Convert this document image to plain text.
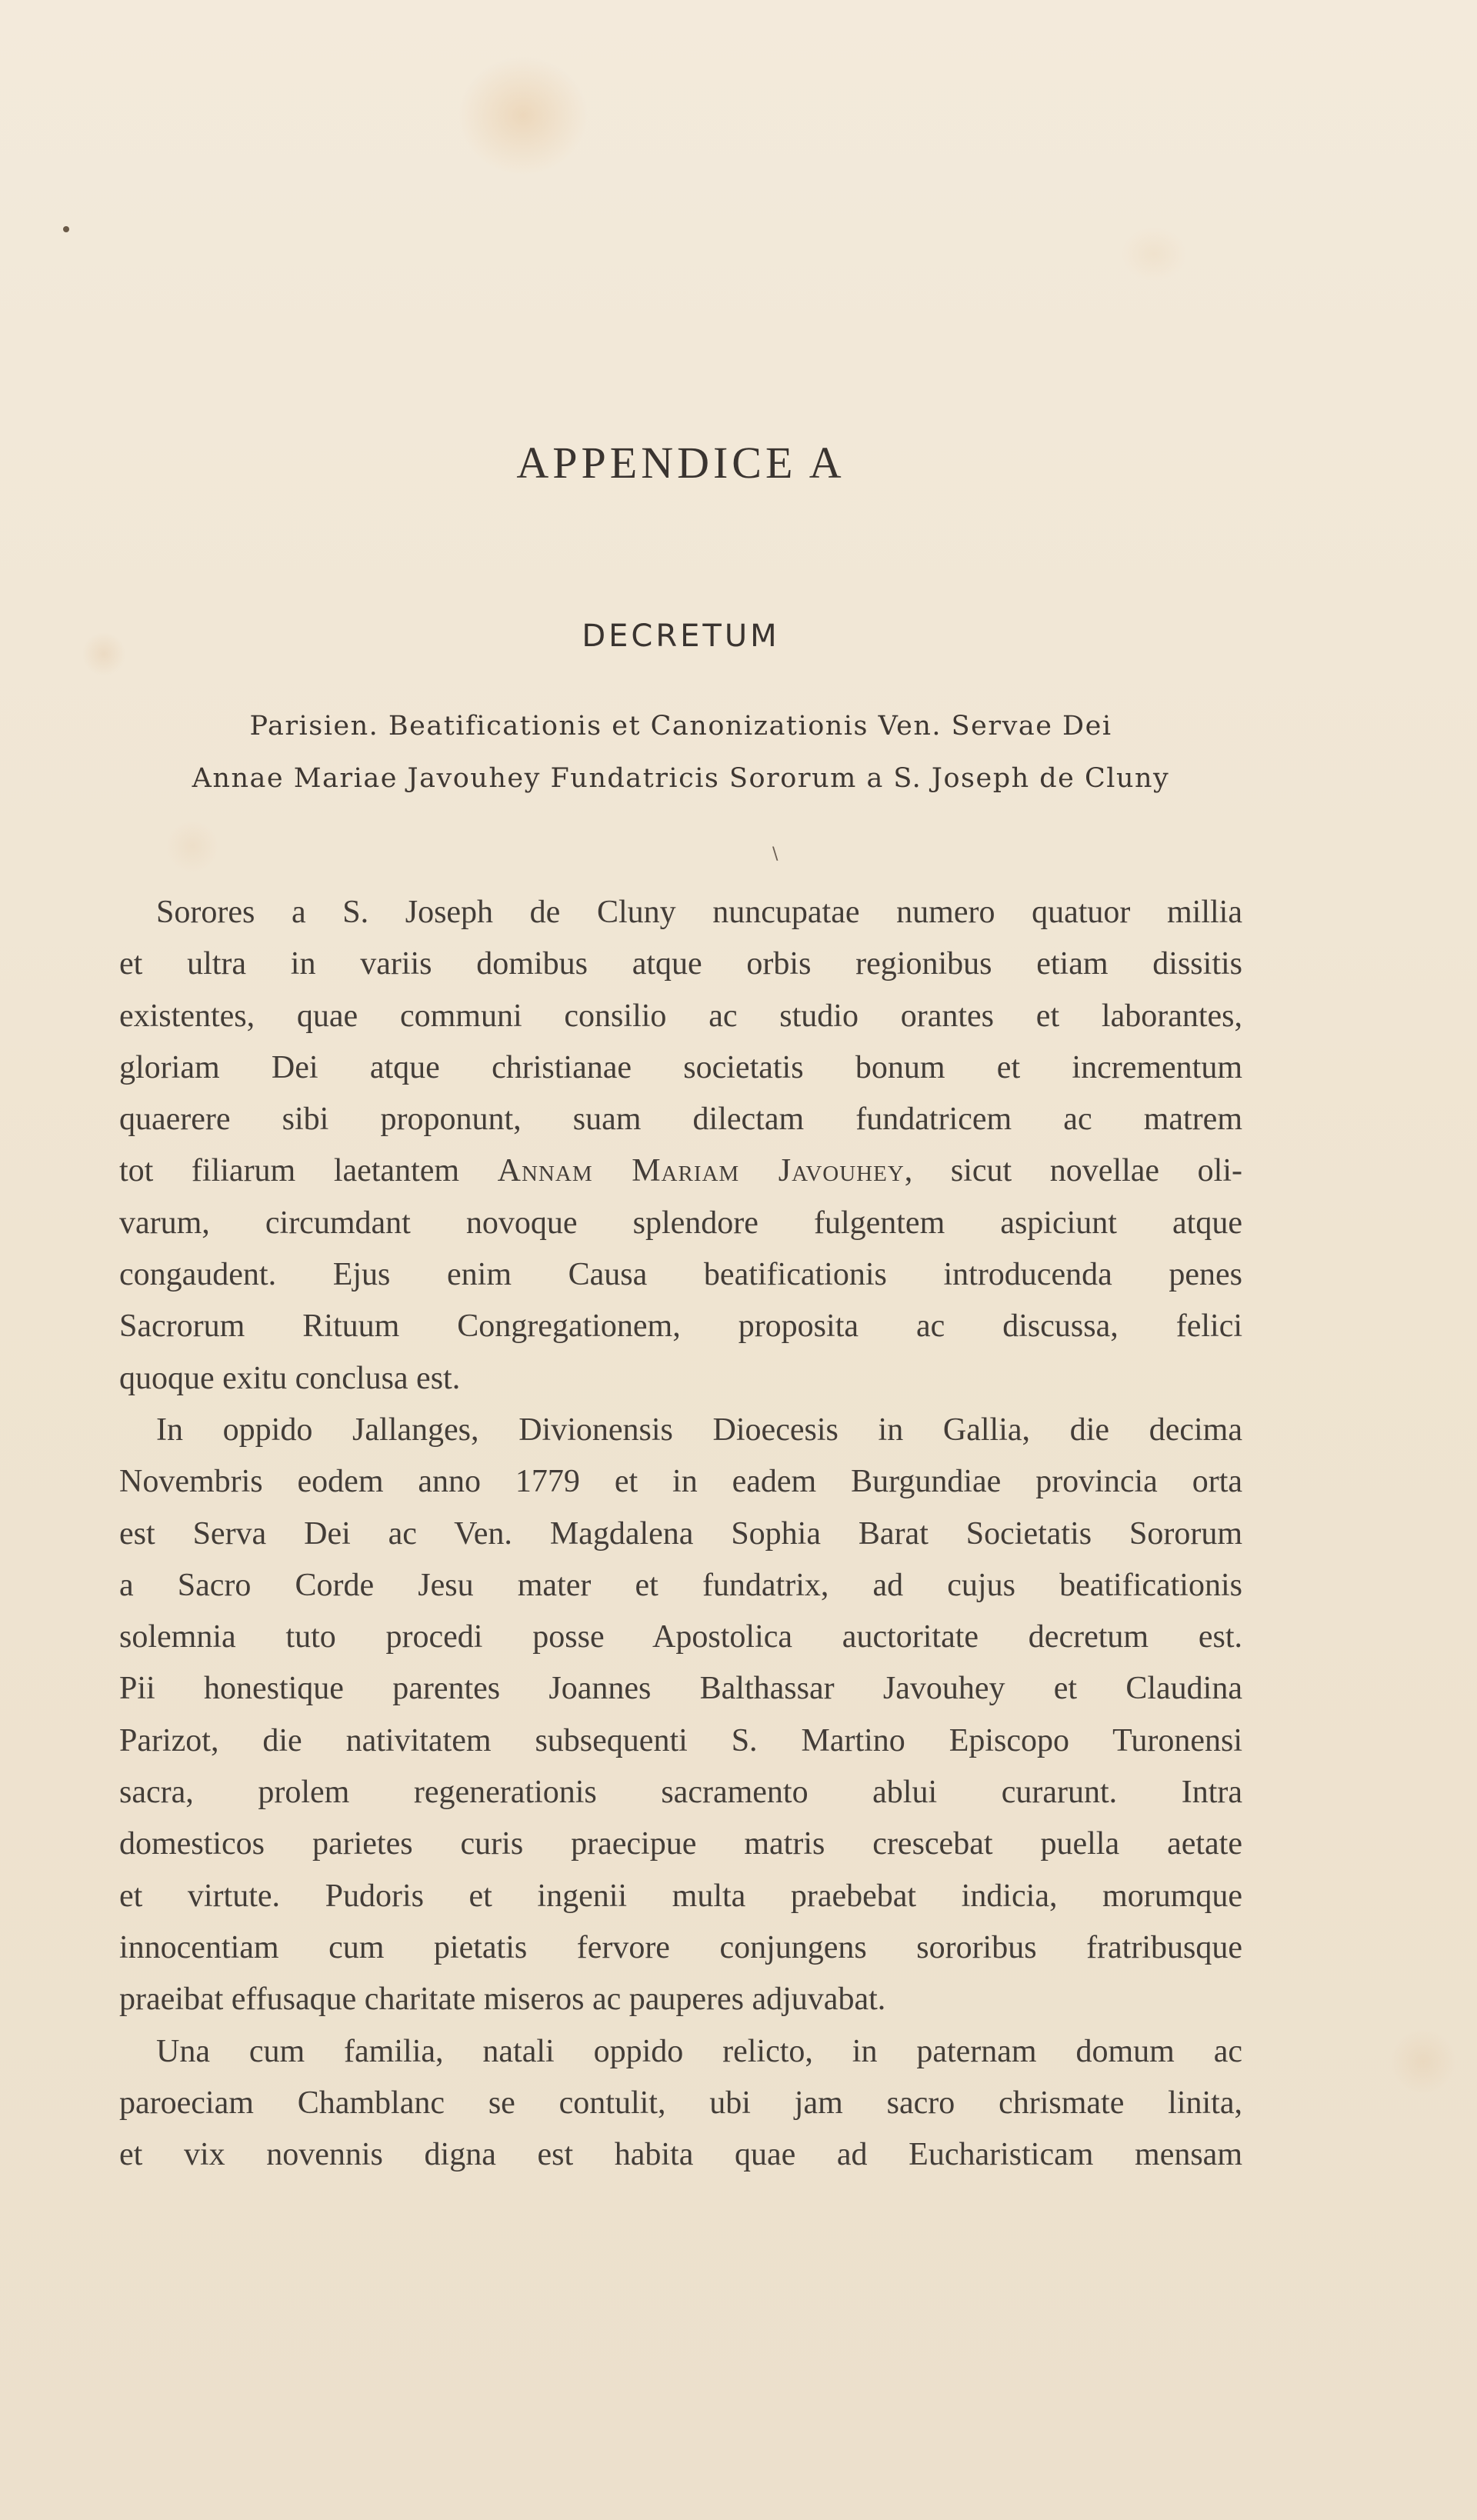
APPENDICE A
DECRETUM
Parisien. Beatificationis et Canonizationis Ven. Servae Dei
Annae Mariae Javouhey Fundatricis Sororum a S. Joseph de Cluny
\
Sorores a S. Joseph de Cluny nuncupatae numero quatuor millia
et ultra in variis domibus atque orbis regionibus etiam dissitis
existentes, quae communi consilio ac studio orantes et laborantes,
gloriam Dei atque christianae societatis bonum et incrementum
quaerere sibi proponunt, suam dilectam fundatricem ac matrem
tot filiarum laetantem Annam Mariam Javouhey, sicut novellae oli-
varum, circumdant novoque splendore fulgentem aspiciunt atque
congaudent. Ejus enim Causa beatificationis introducenda penes
Sacrorum Rituum Congregationem, proposita ac discussa, felici
quoque exitu conclusa est.
In oppido Jallanges, Divionensis Dioecesis in Gallia, die decima
Novembris eodem anno 1779 et in eadem Burgundiae provincia orta
est Serva Dei ac Ven. Magdalena Sophia Barat Societatis Sororum
a Sacro Corde Jesu mater et fundatrix, ad cujus beatificationis
solemnia tuto procedi posse Apostolica auctoritate decretum est.
Pii honestique parentes Joannes Balthassar Javouhey et Claudina
Parizot, die nativitatem subsequenti S. Martino Episcopo Turonensi
sacra, prolem regenerationis sacramento ablui curarunt. Intra
domesticos parietes curis praecipue matris crescebat puella aetate
et virtute. Pudoris et ingenii multa praebebat indicia, morumque
innocentiam cum pietatis fervore conjungens sororibus fratribusque
praeibat effusaque charitate miseros ac pauperes adjuvabat.
Una cum familia, natali oppido relicto, in paternam domum ac
paroeciam Chamblanc se contulit, ubi jam sacro chrismate linita,
et vix novennis digna est habita quae ad Eucharisticam mensam
